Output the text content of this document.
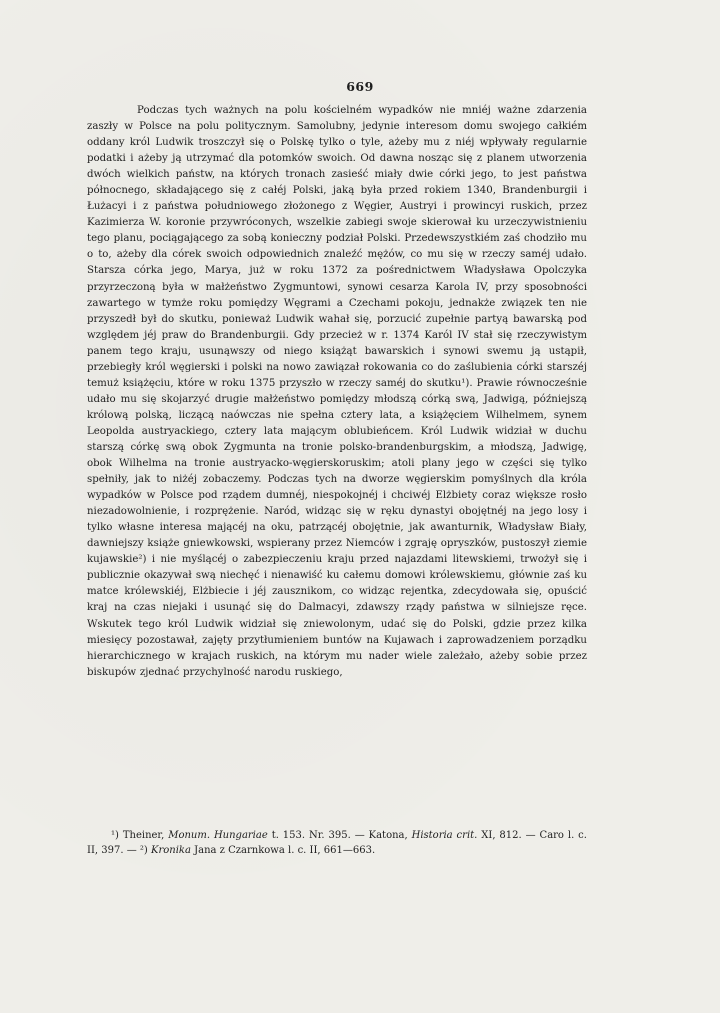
669

Podczas tych ważnych na polu kościelném wypadków nie mniéj ważne zdarzenia zaszły w Polsce na polu politycznym. Samolubny, jedynie interesom domu swojego całkiém oddany król Ludwik troszczył się o Polskę tylko o tyle, ażeby mu z niéj wpływały regularnie podatki i ażeby ją utrzymać dla potomków swoich. Od dawna nosząc się z planem utworzenia dwóch wielkich państw, na których tronach zasieść miały dwie córki jego, to jest państwa północnego, składającego się z całéj Polski, jaką była przed rokiem 1340, Brandenburgii i Łużacyi i z państwa południowego złożonego z Węgier, Austryi i prowincyi ruskich, przez Kazimierza W. koronie przywróconych, wszelkie zabiegi swoje skierował ku urzeczywistnieniu tego planu, pociągającego za sobą konieczny podział Polski. Przedewszystkiém zaś chodziło mu o to, ażeby dla córek swoich odpowiednich znaleźć mężów, co mu się w rzeczy saméj udało. Starsza córka jego, Marya, już w roku 1372 za pośrednictwem Władysława Opolczyka przyrzeczoną była w małżeństwo Zygmuntowi, synowi cesarza Karola IV, przy sposobności zawartego w tymże roku pomiędzy Węgrami a Czechami pokoju, jednakże związek ten nie przyszedł był do skutku, ponieważ Ludwik wahał się, porzucić zupełnie partyą bawarską pod względem jéj praw do Brandenburgii. Gdy przecież w r. 1374 Karól IV stał się rzeczywistym panem tego kraju, usunąwszy od niego książąt bawarskich i synowi swemu ją ustąpił, przebiegły król węgierski i polski na nowo zawiązał rokowania co do zaślubienia córki starszéj temuż książęciu, które w roku 1375 przyszło w rzeczy saméj do skutku¹). Prawie równocześnie udało mu się skojarzyć drugie małżeństwo pomiędzy młodszą córką swą, Jadwigą, późniejszą królową polską, liczącą naówczas nie spełna cztery lata, a książęciem Wilhelmem, synem Leopolda austryackiego, cztery lata mającym oblubieńcem. Król Ludwik widział w duchu starszą córkę swą obok Zygmunta na tronie polsko-brandenburgskim, a młodszą, Jadwigę, obok Wilhelma na tronie austryacko-węgierskoruskim; atoli plany jego w części się tylko spełniły, jak to niżéj zobaczemy. Podczas tych na dworze węgierskim pomyślnych dla króla wypadków w Polsce pod rządem dumnéj, niespokojnéj i chciwéj Elżbiety coraz większe rosło niezadowolnienie, i rozprężenie. Naród, widząc się w ręku dynastyi obojętnéj na jego losy i tylko własne interesa mającéj na oku, patrzącéj obojętnie, jak awanturnik, Władysław Biały, dawniejszy książe gniewkowski, wspierany przez Niemców i zgraję opryszków, pustoszył ziemie kujawskie²) i nie myślącéj o zabezpieczeniu kraju przed najazdami litewskiemi, trwożył się i publicznie okazywał swą niechęć i nienawiść ku całemu domowi królewskiemu, głównie zaś ku matce królewskiéj, Elżbiecie i jéj zausznikom, co widząc rejentka, zdecydowała się, opuścić kraj na czas niejaki i usunąć się do Dalmacyi, zdawszy rządy państwa w silniejsze ręce. Wskutek tego król Ludwik widział się zniewolonym, udać się do Polski, gdzie przez kilka miesięcy pozostawał, zajęty przytłumieniem buntów na Kujawach i zaprowadzeniem porządku hierarchicznego w krajach ruskich, na którym mu nader wiele zależało, ażeby sobie przez biskupów zjednać przychylność narodu ruskiego,

¹) Theiner, Monum. Hungariae t. 153. Nr. 395. — Katona, Historia crit. XI, 812. — Caro l. c. II, 397. — ²) Kronika Jana z Czarnkowa l. c. II, 661—663.
